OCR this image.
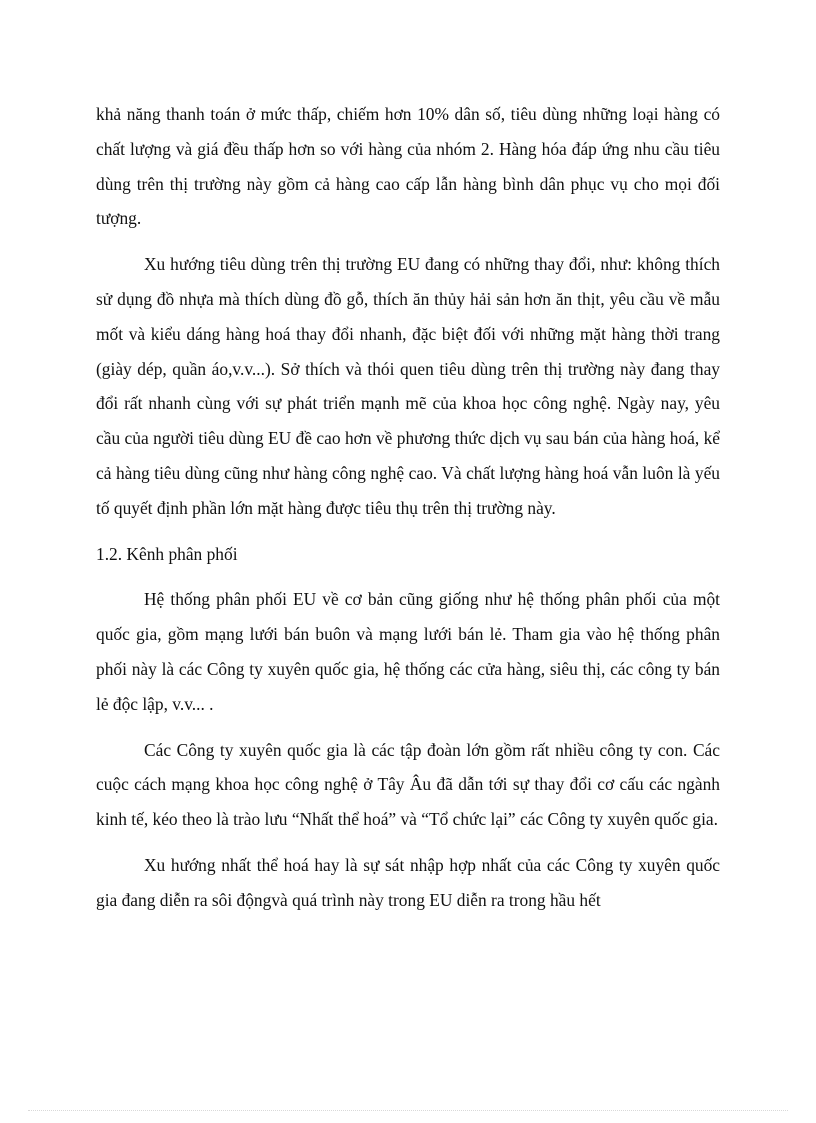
khả năng thanh toán ở mức thấp, chiếm hơn 10% dân số, tiêu dùng những loại hàng có chất lượng và giá đều thấp hơn so với hàng của nhóm 2. Hàng hóa đáp ứng nhu cầu tiêu dùng trên thị trường này gồm cả hàng cao cấp lẫn hàng bình dân phục vụ cho mọi đối tượng.

Xu hướng tiêu dùng trên thị trường EU đang có những thay đổi, như: không thích sử dụng đồ nhựa mà thích dùng đồ gỗ, thích ăn thủy hải sản hơn ăn thịt, yêu cầu về mẫu mốt và kiểu dáng hàng hoá thay đổi nhanh, đặc biệt đối với những mặt hàng thời trang (giày dép, quần áo,v.v...). Sở thích và thói quen tiêu dùng trên thị trường này đang thay đổi rất nhanh cùng với sự phát triển mạnh mẽ của khoa học công nghệ. Ngày nay, yêu cầu của người tiêu dùng EU đề cao hơn về phương thức dịch vụ sau bán của hàng hoá, kể cả hàng tiêu dùng cũng như hàng công nghệ cao. Và chất lượng hàng hoá vẫn luôn là yếu tố quyết định phần lớn mặt hàng được tiêu thụ trên thị trường này.

1.2. Kênh phân phối

Hệ thống phân phối EU về cơ bản cũng giống như hệ thống phân phối của một quốc gia, gồm mạng lưới bán buôn và mạng lưới bán lẻ. Tham gia vào hệ thống phân phối này là các Công ty xuyên quốc gia, hệ thống các cửa hàng, siêu thị, các công ty bán lẻ độc lập, v.v... .

Các Công ty xuyên quốc gia là các tập đoàn lớn gồm rất nhiều công ty con. Các cuộc cách mạng khoa học công nghệ ở Tây Âu đã dẫn tới sự thay đổi cơ cấu các ngành kinh tế, kéo theo là trào lưu “Nhất thể hoá” và “Tổ chức lại” các Công ty xuyên quốc gia.

Xu hướng nhất thể hoá hay là sự sát nhập hợp nhất của các Công ty xuyên quốc gia đang diễn ra sôi độngvà quá trình này trong EU diễn ra trong hầu hết
